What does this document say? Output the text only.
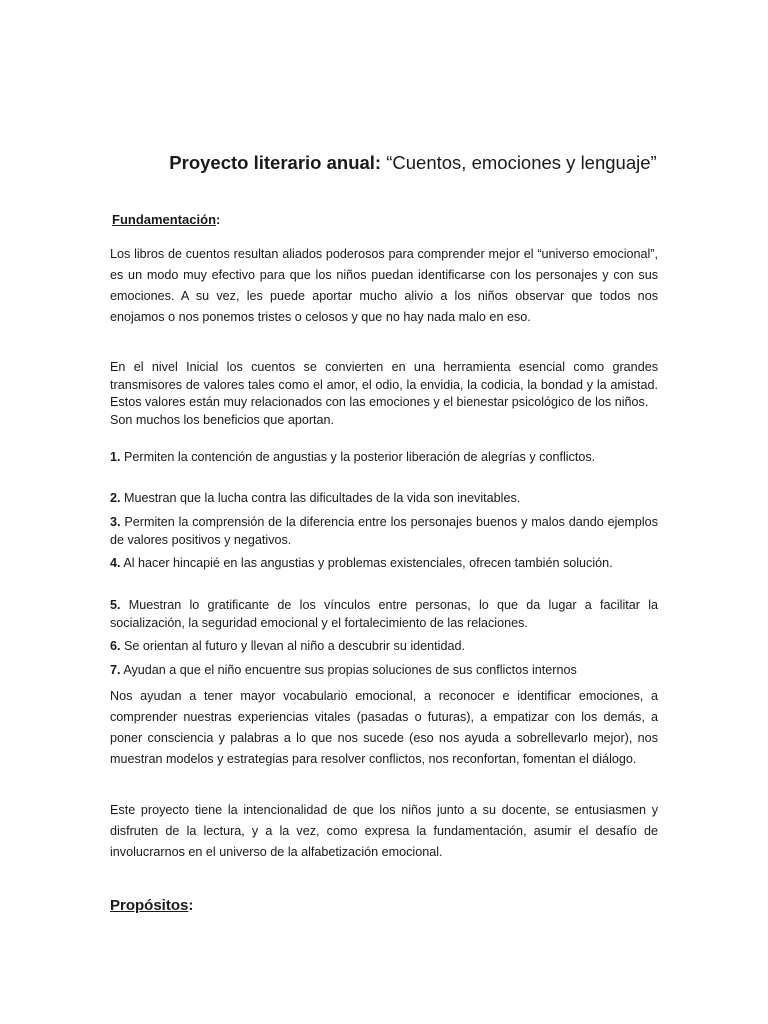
Proyecto literario anual: “Cuentos, emociones y lenguaje”
Fundamentación:
Los libros de cuentos resultan aliados poderosos para comprender mejor el “universo emocional”, es un modo muy efectivo para que los niños puedan identificarse con los personajes y con sus emociones. A su vez, les puede aportar mucho alivio a los niños observar que todos nos enojamos o nos ponemos tristes o celosos y que no hay nada malo en eso.
En el nivel Inicial los cuentos se convierten en una herramienta esencial como grandes transmisores de valores tales como el amor, el odio, la envidia, la codicia, la bondad y la amistad. Estos valores están muy relacionados con las emociones y el bienestar psicológico de los niños.
Son muchos los beneficios que aportan.
1. Permiten la contención de angustias y la posterior liberación de alegrías y conflictos.
2. Muestran que la lucha contra las dificultades de la vida son inevitables.
3. Permiten la comprensión de la diferencia entre los personajes buenos y malos dando ejemplos de valores positivos y negativos.
4. Al hacer hincapié en las angustias y problemas existenciales, ofrecen también solución.
5. Muestran lo gratificante de los vínculos entre personas, lo que da lugar a facilitar la socialización, la seguridad emocional y el fortalecimiento de las relaciones.
6. Se orientan al futuro y llevan al niño a descubrir su identidad.
7. Ayudan a que el niño encuentre sus propias soluciones de sus conflictos internos
Nos ayudan a tener mayor vocabulario emocional, a reconocer e identificar emociones, a comprender nuestras experiencias vitales (pasadas o futuras), a empatizar con los demás, a poner consciencia y palabras a lo que nos sucede (eso nos ayuda a sobrellevarlo mejor), nos muestran modelos y estrategias para resolver conflictos, nos reconfortan, fomentan el diálogo.
Este proyecto tiene la intencionalidad de que los niños junto a su docente, se entusiasmen y disfruten de la lectura, y a la vez, como expresa la fundamentación, asumir el desafío de involucrarnos en el universo de la alfabetización emocional.
Propósitos:
